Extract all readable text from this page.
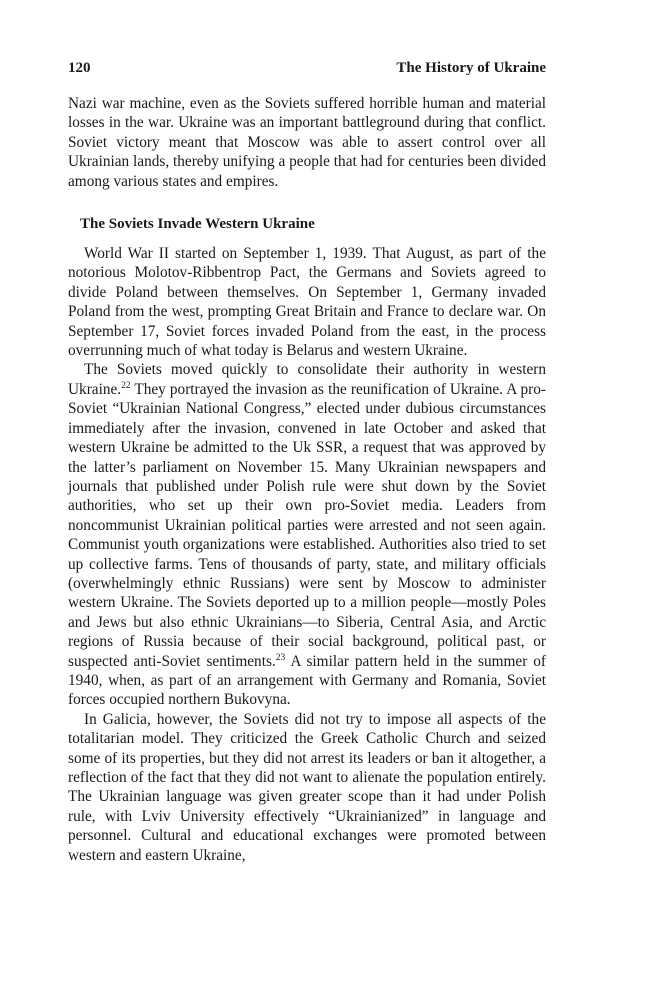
120	The History of Ukraine

Nazi war machine, even as the Soviets suffered horrible human and material losses in the war. Ukraine was an important battleground during that conflict. Soviet victory meant that Moscow was able to assert control over all Ukrainian lands, thereby unifying a people that had for centuries been divided among various states and empires.

The Soviets Invade Western Ukraine

World War II started on September 1, 1939. That August, as part of the notorious Molotov-Ribbentrop Pact, the Germans and Soviets agreed to divide Poland between themselves. On September 1, Germany invaded Poland from the west, prompting Great Britain and France to declare war. On September 17, Soviet forces invaded Poland from the east, in the process overrunning much of what today is Belarus and western Ukraine.

The Soviets moved quickly to consolidate their authority in western Ukraine.$^{22}$ They portrayed the invasion as the reunification of Ukraine. A pro-Soviet “Ukrainian National Congress,” elected under dubious circumstances immediately after the invasion, convened in late October and asked that western Ukraine be admitted to the Uk SSR, a request that was approved by the latter’s parliament on November 15. Many Ukrainian newspapers and journals that published under Polish rule were shut down by the Soviet authorities, who set up their own pro-Soviet media. Leaders from noncommunist Ukrainian political parties were arrested and not seen again. Communist youth organizations were established. Authorities also tried to set up collective farms. Tens of thousands of party, state, and military officials (overwhelmingly ethnic Russians) were sent by Moscow to administer western Ukraine. The Soviets deported up to a million people—mostly Poles and Jews but also ethnic Ukrainians—to Siberia, Central Asia, and Arctic regions of Russia because of their social background, political past, or suspected anti-Soviet sentiments.$^{23}$ A similar pattern held in the summer of 1940, when, as part of an arrangement with Germany and Romania, Soviet forces occupied northern Bukovyna.

In Galicia, however, the Soviets did not try to impose all aspects of the totalitarian model. They criticized the Greek Catholic Church and seized some of its properties, but they did not arrest its leaders or ban it altogether, a reflection of the fact that they did not want to alienate the population entirely. The Ukrainian language was given greater scope than it had under Polish rule, with Lviv University effectively “Ukrainianized” in language and personnel. Cultural and educational exchanges were promoted between western and eastern Ukraine,
